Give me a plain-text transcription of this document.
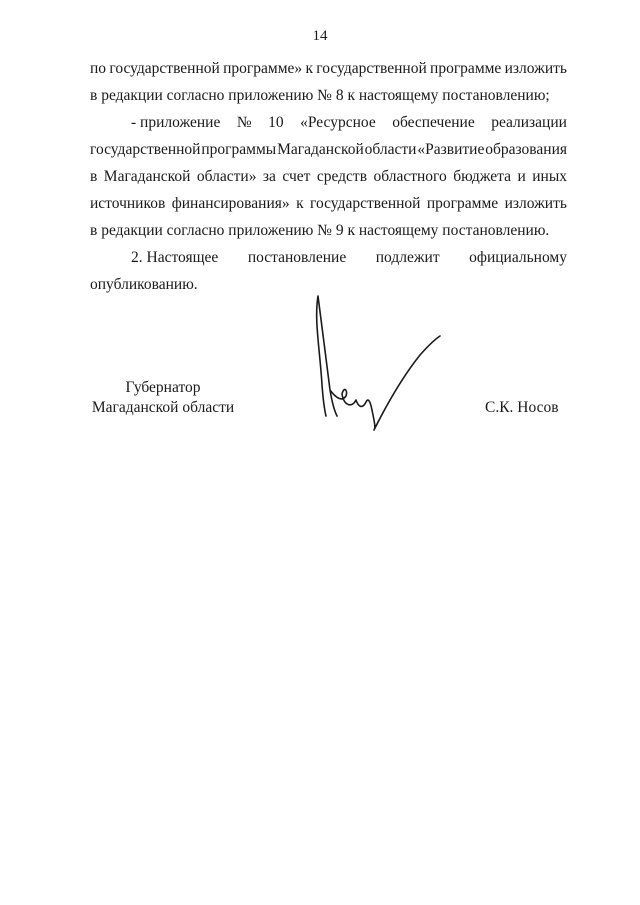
14
по государственной программе» к государственной программе изложить
в редакции согласно приложению № 8 к настоящему постановлению;
- приложение № 10 «Ресурсное обеспечение реализации
государственной программы Магаданской области «Развитие образования
в Магаданской области» за счет средств областного бюджета и иных
источников финансирования» к государственной программе изложить
в редакции согласно приложению № 9 к настоящему постановлению.
2. Настоящее постановление подлежит официальному
опубликованию.
Губернатор
Магаданской области	С.К. Носов
